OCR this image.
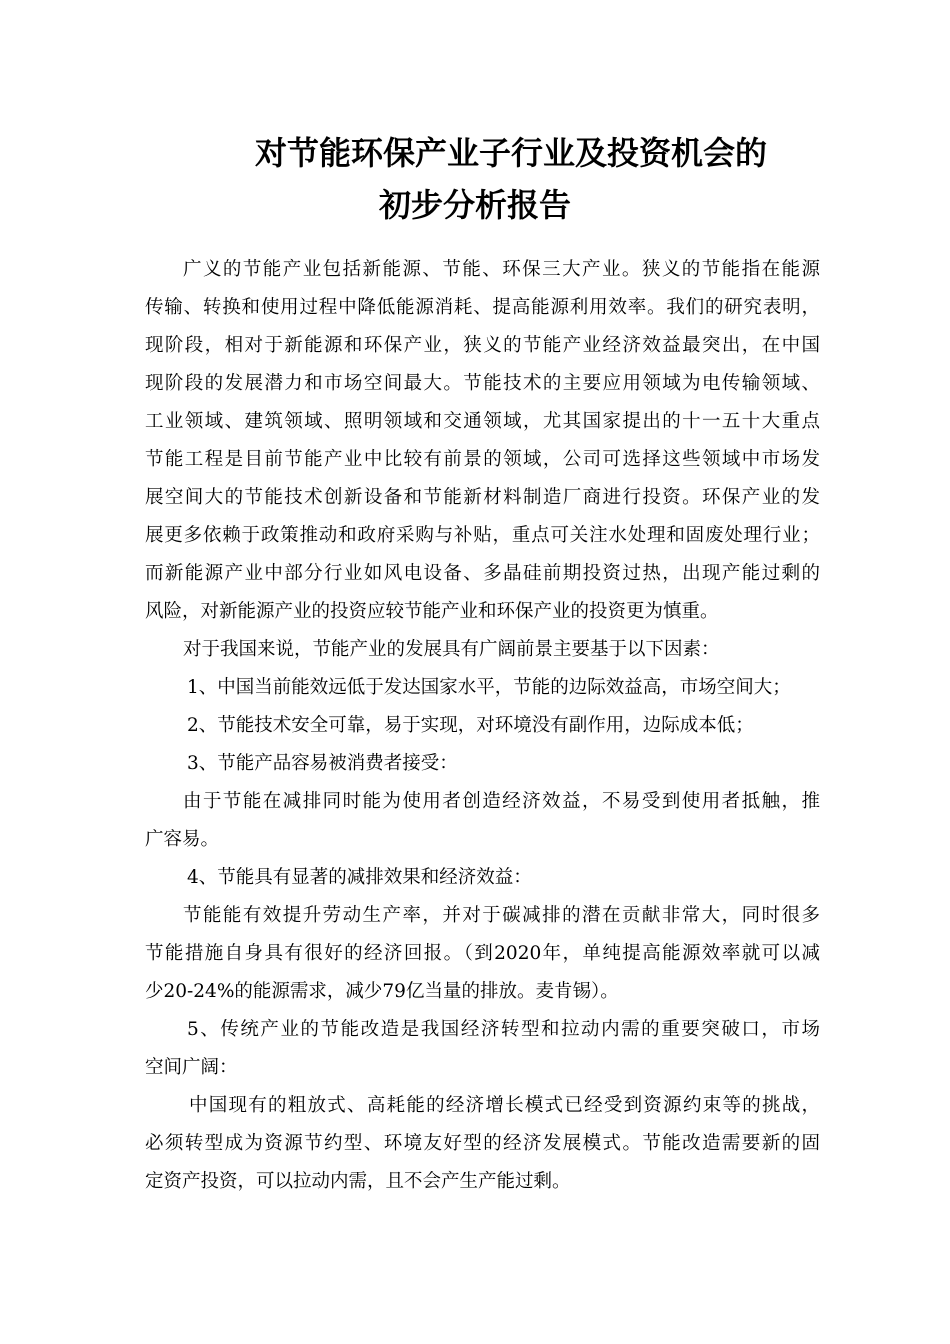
对节能环保产业子行业及投资机会的
初步分析报告
广义的节能产业包括新能源、节能、环保三大产业。狭义的节能指在能源
传输、转换和使用过程中降低能源消耗、提高能源利用效率。我们的研究表明，
现阶段，相对于新能源和环保产业，狭义的节能产业经济效益最突出，在中国
现阶段的发展潜力和市场空间最大。节能技术的主要应用领域为电传输领域、
工业领域、建筑领域、照明领域和交通领域，尤其国家提出的十一五十大重点
节能工程是目前节能产业中比较有前景的领域，公司可选择这些领域中市场发
展空间大的节能技术创新设备和节能新材料制造厂商进行投资。环保产业的发
展更多依赖于政策推动和政府采购与补贴，重点可关注水处理和固废处理行业；
而新能源产业中部分行业如风电设备、多晶硅前期投资过热，出现产能过剩的
风险，对新能源产业的投资应较节能产业和环保产业的投资更为慎重。
对于我国来说，节能产业的发展具有广阔前景主要基于以下因素：
1、中国当前能效远低于发达国家水平，节能的边际效益高，市场空间大；
2、节能技术安全可靠，易于实现，对环境没有副作用，边际成本低；
3、节能产品容易被消费者接受：
由于节能在减排同时能为使用者创造经济效益，不易受到使用者抵触，推
广容易。
4、节能具有显著的减排效果和经济效益：
节能能有效提升劳动生产率，并对于碳减排的潜在贡献非常大，同时很多
节能措施自身具有很好的经济回报。（到2020年，单纯提高能源效率就可以减
少20-24%的能源需求，减少79亿当量的排放。麦肯锡）。
5、传统产业的节能改造是我国经济转型和拉动内需的重要突破口，市场
空间广阔：
中国现有的粗放式、高耗能的经济增长模式已经受到资源约束等的挑战，
必须转型成为资源节约型、环境友好型的经济发展模式。节能改造需要新的固
定资产投资，可以拉动内需，且不会产生产能过剩。
